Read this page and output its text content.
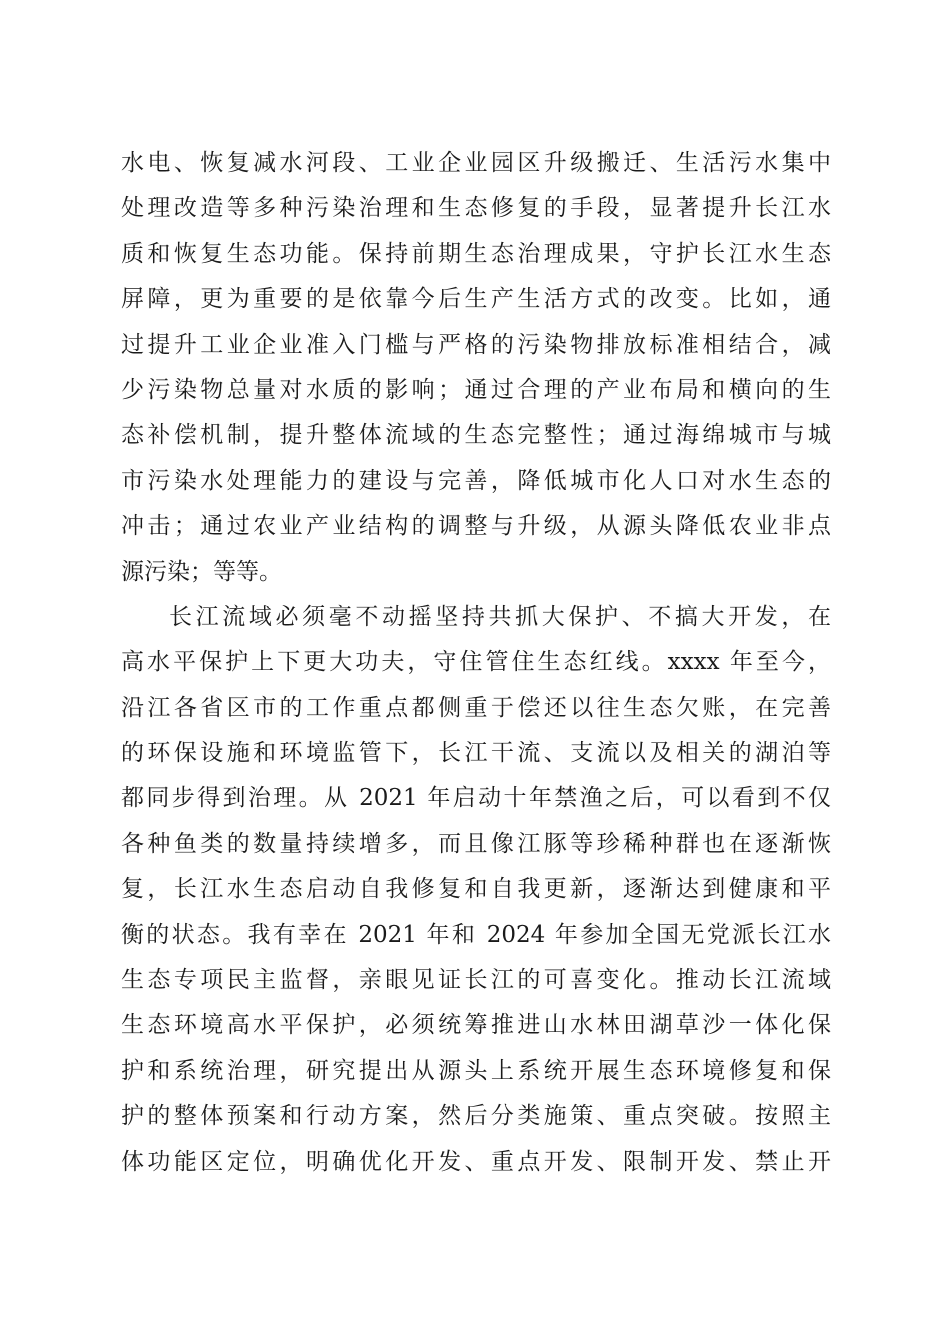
水电、恢复减水河段、工业企业园区升级搬迁、生活污水集中
处理改造等多种污染治理和生态修复的手段，显著提升长江水
质和恢复生态功能。保持前期生态治理成果，守护长江水生态
屏障，更为重要的是依靠今后生产生活方式的改变。比如，通
过提升工业企业准入门槛与严格的污染物排放标准相结合，减
少污染物总量对水质的影响；通过合理的产业布局和横向的生
态补偿机制，提升整体流域的生态完整性；通过海绵城市与城
市污染水处理能力的建设与完善，降低城市化人口对水生态的
冲击；通过农业产业结构的调整与升级，从源头降低农业非点
源污染；等等。
长江流域必须毫不动摇坚持共抓大保护、不搞大开发，在
高水平保护上下更大功夫，守住管住生态红线。xxxx 年至今，
沿江各省区市的工作重点都侧重于偿还以往生态欠账，在完善
的环保设施和环境监管下，长江干流、支流以及相关的湖泊等
都同步得到治理。从 2021 年启动十年禁渔之后，可以看到不仅
各种鱼类的数量持续增多，而且像江豚等珍稀种群也在逐渐恢
复，长江水生态启动自我修复和自我更新，逐渐达到健康和平
衡的状态。我有幸在 2021 年和 2024 年参加全国无党派长江水
生态专项民主监督，亲眼见证长江的可喜变化。推动长江流域
生态环境高水平保护，必须统筹推进山水林田湖草沙一体化保
护和系统治理，研究提出从源头上系统开展生态环境修复和保
护的整体预案和行动方案，然后分类施策、重点突破。按照主
体功能区定位，明确优化开发、重点开发、限制开发、禁止开
